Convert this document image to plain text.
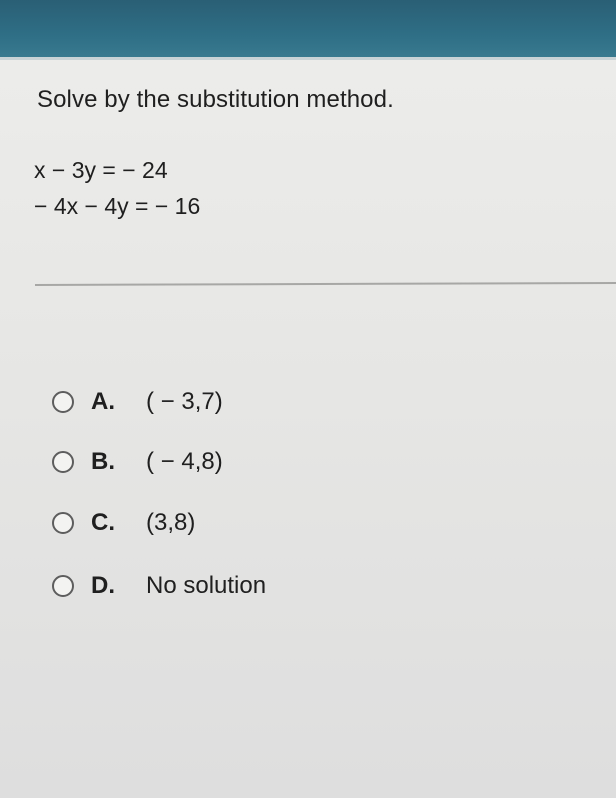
Solve by the substitution method.
x − 3y = − 24
− 4x − 4y = − 16
A.	( − 3,7)
B.	( − 4,8)
C.	(3,8)
D.	No solution
